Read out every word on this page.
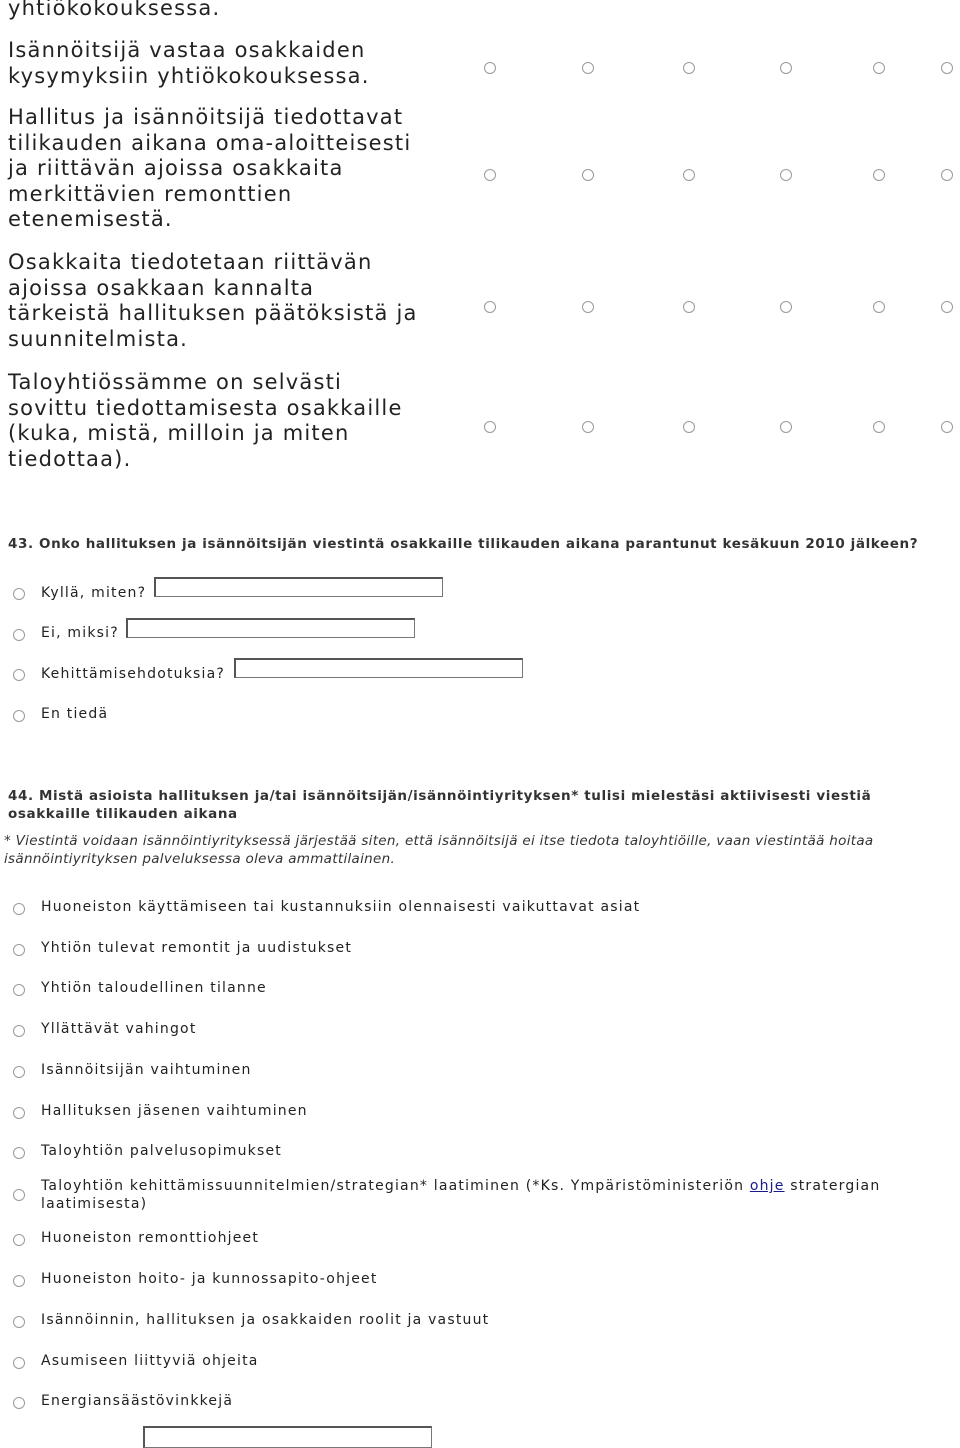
yhtiökokouksessa.
Isännöitsijä vastaa osakkaiden
kysymyksiin yhtiökokouksessa.
Hallitus ja isännöitsijä tiedottavat
tilikauden aikana oma-aloitteisesti
ja riittävän ajoissa osakkaita
merkittävien remonttien
etenemisestä.
Osakkaita tiedotetaan riittävän
ajoissa osakkaan kannalta
tärkeistä hallituksen päätöksistä ja
suunnitelmista.
Taloyhtiössämme on selvästi
sovittu tiedottamisesta osakkaille
(kuka, mistä, milloin ja miten
tiedottaa).
43. Onko hallituksen ja isännöitsijän viestintä osakkaille tilikauden aikana parantunut kesäkuun 2010 jälkeen?
Kyllä, miten?
Ei, miksi?
Kehittämisehdotuksia?
En tiedä
44. Mistä asioista hallituksen ja/tai isännöitsijän/isännöintiyrityksen* tulisi mielestäsi aktiivisesti viestiä osakkaille tilikauden aikana
* Viestintä voidaan isännöintiyrityksessä järjestää siten, että isännöitsijä ei itse tiedota taloyhtiöille, vaan viestintää hoitaa isännöintiyrityksen palveluksessa oleva ammattilainen.
Huoneiston käyttämiseen tai kustannuksiin olennaisesti vaikuttavat asiat
Yhtiön tulevat remontit ja uudistukset
Yhtiön taloudellinen tilanne
Yllättävät vahingot
Isännöitsijän vaihtuminen
Hallituksen jäsenen vaihtuminen
Taloyhtiön palvelusopimukset
Taloyhtiön kehittämissuunnitelmien/strategian* laatiminen (*Ks. Ympäristöministeriön ohje stratergian laatimisesta)
Huoneiston remonttiohjeet
Huoneiston hoito- ja kunnossapito-ohjeet
Isännöinnin, hallituksen ja osakkaiden roolit ja vastuut
Asumiseen liittyviä ohjeita
Energiansäästövinkkejä
